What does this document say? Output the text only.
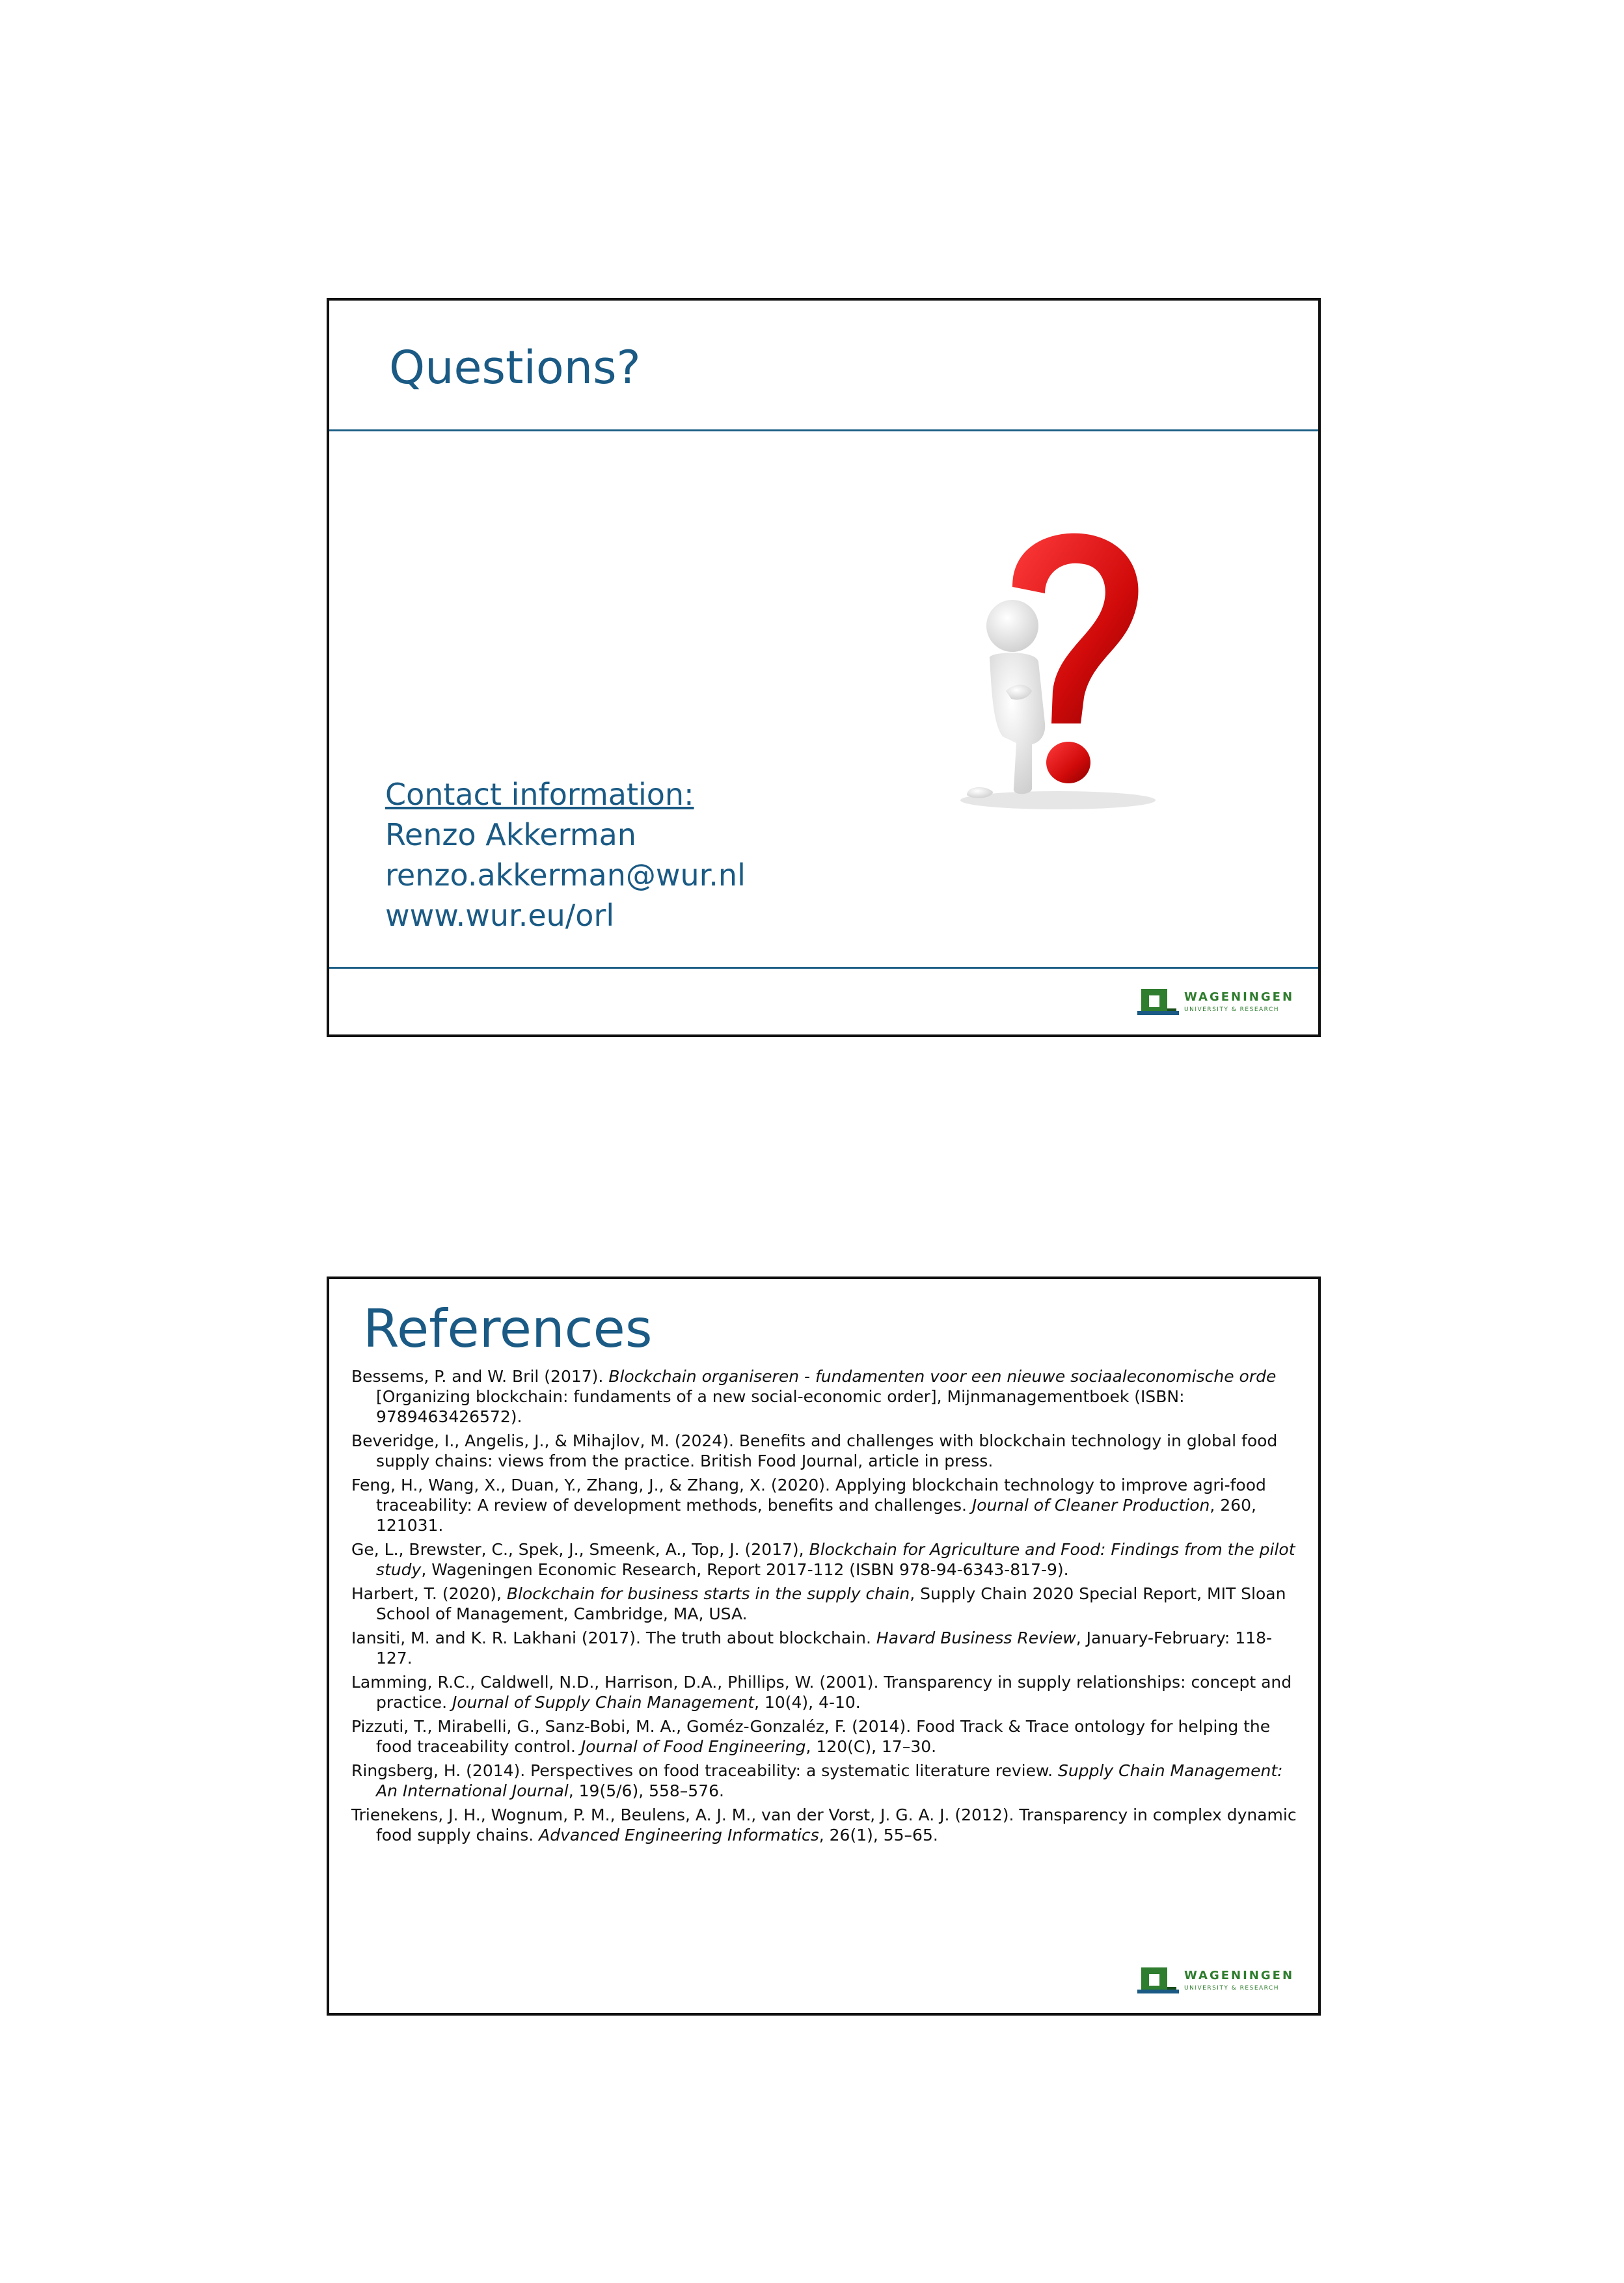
Questions?
Contact information:
Renzo Akkerman
renzo.akkerman@wur.nl
www.wur.eu/orl
WAGENINGEN
UNIVERSITY & RESEARCH
References
Bessems, P. and W. Bril (2017). Blockchain organiseren - fundamenten voor een nieuwe sociaaleconomische orde [Organizing blockchain: fundaments of a new social-economic order], Mijnmanagementboek (ISBN: 9789463426572).
Beveridge, I., Angelis, J., & Mihajlov, M. (2024). Benefits and challenges with blockchain technology in global food supply chains: views from the practice. British Food Journal, article in press.
Feng, H., Wang, X., Duan, Y., Zhang, J., & Zhang, X. (2020). Applying blockchain technology to improve agri-food traceability: A review of development methods, benefits and challenges. Journal of Cleaner Production, 260, 121031.
Ge, L., Brewster, C., Spek, J., Smeenk, A., Top, J. (2017), Blockchain for Agriculture and Food: Findings from the pilot study, Wageningen Economic Research, Report 2017-112 (ISBN 978-94-6343-817-9).
Harbert, T. (2020), Blockchain for business starts in the supply chain, Supply Chain 2020 Special Report, MIT Sloan School of Management, Cambridge, MA, USA.
Iansiti, M. and K. R. Lakhani (2017). The truth about blockchain. Havard Business Review, January-February: 118-127.
Lamming, R.C., Caldwell, N.D., Harrison, D.A., Phillips, W. (2001). Transparency in supply relationships: concept and practice. Journal of Supply Chain Management, 10(4), 4-10.
Pizzuti, T., Mirabelli, G., Sanz-Bobi, M. A., Goméz-Gonzaléz, F. (2014). Food Track & Trace ontology for helping the food traceability control. Journal of Food Engineering, 120(C), 17–30.
Ringsberg, H. (2014). Perspectives on food traceability: a systematic literature review. Supply Chain Management: An International Journal, 19(5/6), 558–576.
Trienekens, J. H., Wognum, P. M., Beulens, A. J. M., van der Vorst, J. G. A. J. (2012). Transparency in complex dynamic food supply chains. Advanced Engineering Informatics, 26(1), 55–65.
WAGENINGEN
UNIVERSITY & RESEARCH
